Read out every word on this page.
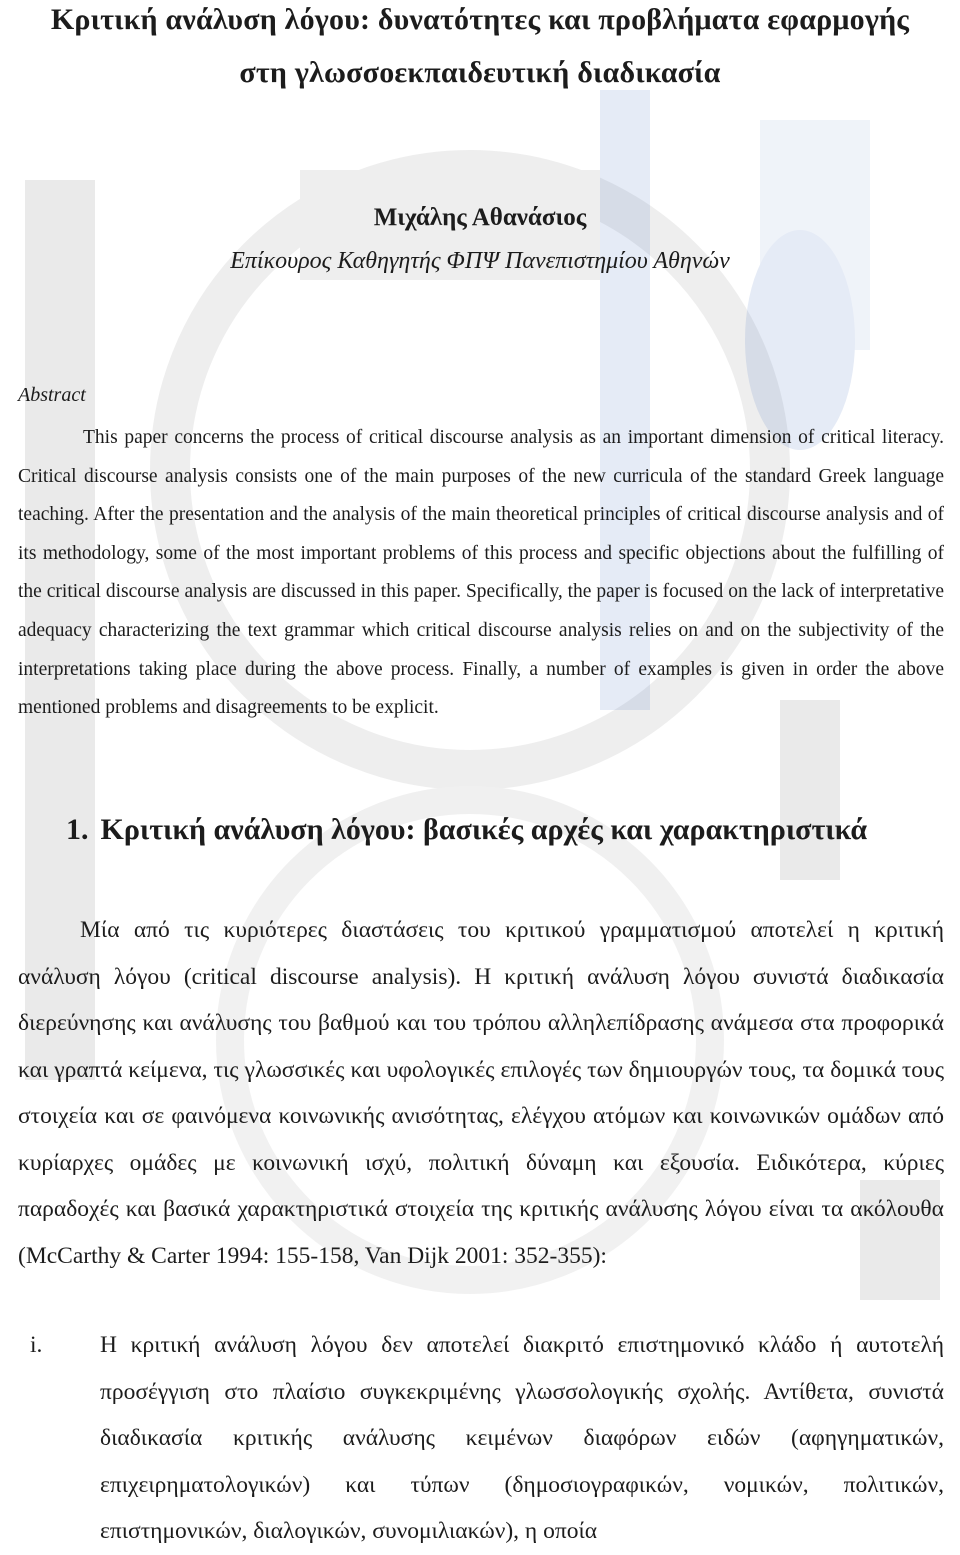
Κριτική ανάλυση λόγου: δυνατότητες και προβλήματα εφαρμογής
στη γλωσσοεκπαιδευτική διαδικασία
Μιχάλης Αθανάσιος
Επίκουρος Καθηγητής ΦΠΨ Πανεπιστημίου Αθηνών
Abstract

This paper concerns the process of critical discourse analysis as an important dimension of critical literacy. Critical discourse analysis consists one of the main purposes of the new curricula of the standard Greek language teaching. After the presentation and the analysis of the main theoretical principles of critical discourse analysis and of its methodology, some of the most important problems of this process and specific objections about the fulfilling of the critical discourse analysis are discussed in this paper. Specifically, the paper is focused on the lack of interpretative adequacy characterizing the text grammar which critical discourse analysis relies on and on the subjectivity of the interpretations taking place during the above process. Finally, a number of examples is given in order the above mentioned problems and disagreements to be explicit.

1. Κριτική ανάλυση λόγου: βασικές αρχές και χαρακτηριστικά

Μία από τις κυριότερες διαστάσεις του κριτικού γραμματισμού αποτελεί η κριτική ανάλυση λόγου (critical discourse analysis). Η κριτική ανάλυση λόγου συνιστά διαδικασία διερεύνησης και ανάλυσης του βαθμού και του τρόπου αλληλεπίδρασης ανάμεσα στα προφορικά και γραπτά κείμενα, τις γλωσσικές και υφολογικές επιλογές των δημιουργών τους, τα δομικά τους στοιχεία και σε φαινόμενα κοινωνικής ανισότητας, ελέγχου ατόμων και κοινωνικών ομάδων από κυρίαρχες ομάδες με κοινωνική ισχύ, πολιτική δύναμη και εξουσία. Ειδικότερα, κύριες παραδοχές και βασικά χαρακτηριστικά στοιχεία της κριτικής ανάλυσης λόγου είναι τα ακόλουθα (McCarthy & Carter 1994: 155-158, Van Dijk 2001: 352-355):

i. Η κριτική ανάλυση λόγου δεν αποτελεί διακριτό επιστημονικό κλάδο ή αυτοτελή προσέγγιση στο πλαίσιο συγκεκριμένης γλωσσολογικής σχολής. Αντίθετα, συνιστά διαδικασία κριτικής ανάλυσης κειμένων διαφόρων ειδών (αφηγηματικών, επιχειρηματολογικών) και τύπων (δημοσιογραφικών, νομικών, πολιτικών, επιστημονικών, διαλογικών, συνομιλιακών), η οποία
